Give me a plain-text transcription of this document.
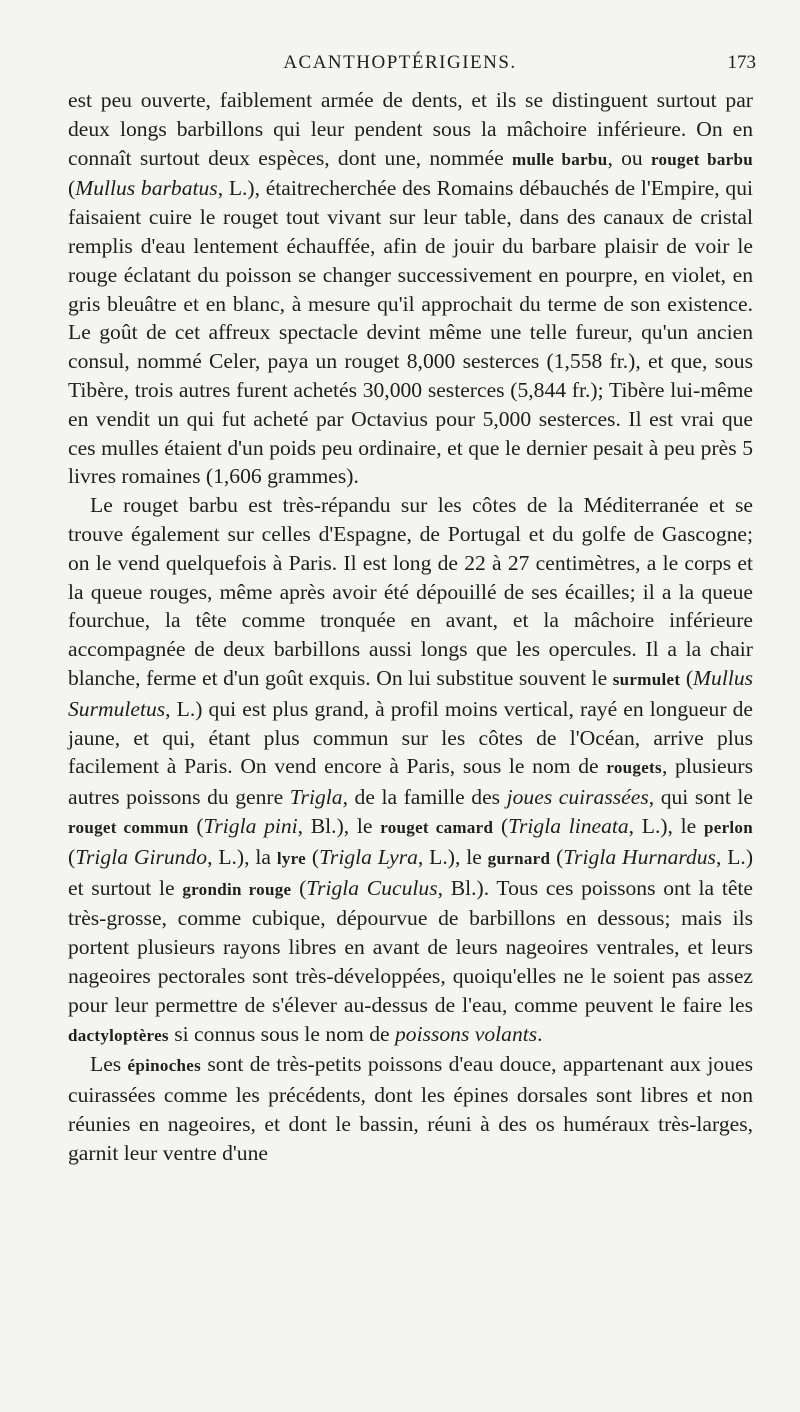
ACANTHOPTÉRIGIENS.	173

est peu ouverte, faiblement armée de dents, et ils se distinguent surtout par deux longs barbillons qui leur pendent sous la mâchoire inférieure. On en connaît surtout deux espèces, dont une, nommée mulle barbu, ou rouget barbu (Mullus barbatus, L.), étaitrecherchée des Romains débauchés de l'Empire, qui faisaient cuire le rouget tout vivant sur leur table, dans des canaux de cristal remplis d'eau lentement échauffée, afin de jouir du barbare plaisir de voir le rouge éclatant du poisson se changer successivement en pourpre, en violet, en gris bleuâtre et en blanc, à mesure qu'il approchait du terme de son existence. Le goût de cet affreux spectacle devint même une telle fureur, qu'un ancien consul, nommé Celer, paya un rouget 8,000 sesterces (1,558 fr.), et que, sous Tibère, trois autres furent achetés 30,000 sesterces (5,844 fr.); Tibère lui-même en vendit un qui fut acheté par Octavius pour 5,000 sesterces. Il est vrai que ces mulles étaient d'un poids peu ordinaire, et que le dernier pesait à peu près 5 livres romaines (1,606 grammes).

Le rouget barbu est très-répandu sur les côtes de la Méditerranée et se trouve également sur celles d'Espagne, de Portugal et du golfe de Gascogne; on le vend quelquefois à Paris. Il est long de 22 à 27 centimètres, a le corps et la queue rouges, même après avoir été dépouillé de ses écailles; il a la queue fourchue, la tête comme tronquée en avant, et la mâchoire inférieure accompagnée de deux barbillons aussi longs que les opercules. Il a la chair blanche, ferme et d'un goût exquis. On lui substitue souvent le surmulet (Mullus Surmuletus, L.) qui est plus grand, à profil moins vertical, rayé en longueur de jaune, et qui, étant plus commun sur les côtes de l'Océan, arrive plus facilement à Paris. On vend encore à Paris, sous le nom de rougets, plusieurs autres poissons du genre Trigla, de la famille des joues cuirassées, qui sont le rouget commun (Trigla pini, Bl.), le rouget camard (Trigla lineata, L.), le perlon (Trigla Girundo, L.), la lyre (Trigla Lyra, L.), le gurnard (Trigla Hurnardus, L.) et surtout le grondin rouge (Trigla Cuculus, Bl.). Tous ces poissons ont la tête très-grosse, comme cubique, dépourvue de barbillons en dessous; mais ils portent plusieurs rayons libres en avant de leurs nageoires ventrales, et leurs nageoires pectorales sont très-développées, quoiqu'elles ne le soient pas assez pour leur permettre de s'élever au-dessus de l'eau, comme peuvent le faire les dactyloptères si connus sous le nom de poissons volants.

Les épinoches sont de très-petits poissons d'eau douce, appartenant aux joues cuirassées comme les précédents, dont les épines dorsales sont libres et non réunies en nageoires, et dont le bassin, réuni à des os huméraux très-larges, garnit leur ventre d'une
